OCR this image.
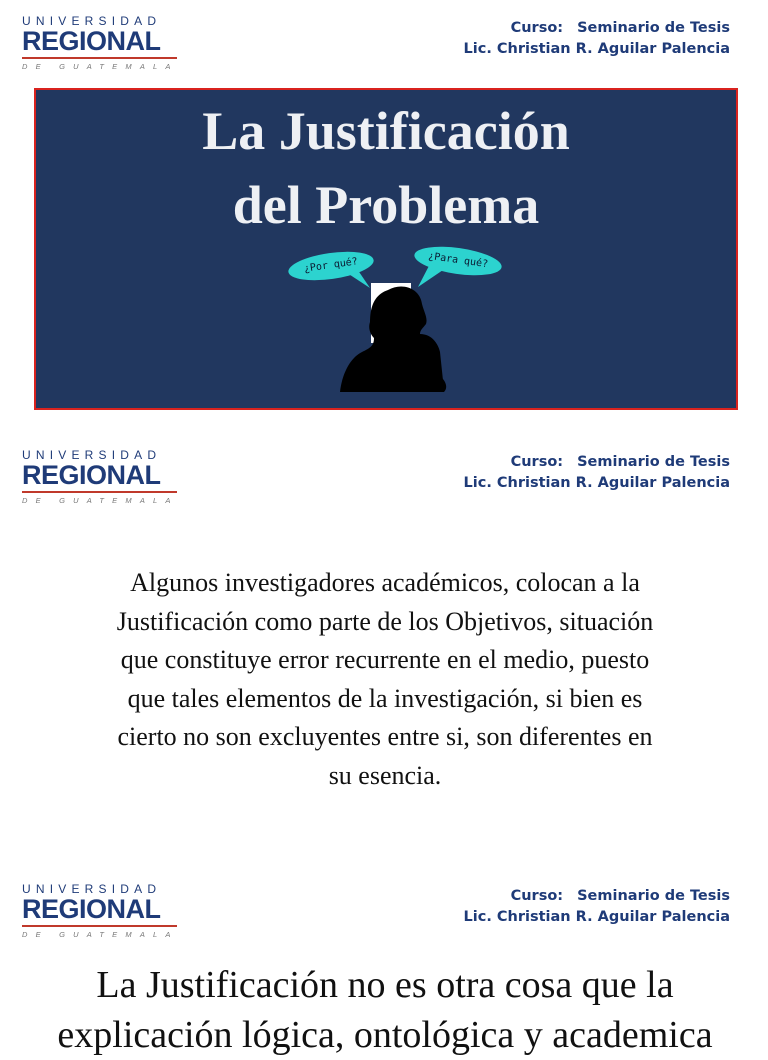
UNIVERSIDAD
REGIONAL
DE GUATEMALA
Curso: Seminario de Tesis
Lic. Christian R. Aguilar Palencia
La Justificación
del Problema
¿Por qué?	¿Para qué?
UNIVERSIDAD
REGIONAL
DE GUATEMALA
Curso: Seminario de Tesis
Lic. Christian R. Aguilar Palencia
Algunos investigadores académicos, colocan a la
Justificación como parte de los Objetivos, situación
que constituye error recurrente en el medio, puesto
que tales elementos de la investigación, si bien es
cierto no son excluyentes entre si, son diferentes en
su esencia.
UNIVERSIDAD
REGIONAL
DE GUATEMALA
Curso: Seminario de Tesis
Lic. Christian R. Aguilar Palencia
La Justificación no es otra cosa que la
explicación lógica, ontológica y academica
